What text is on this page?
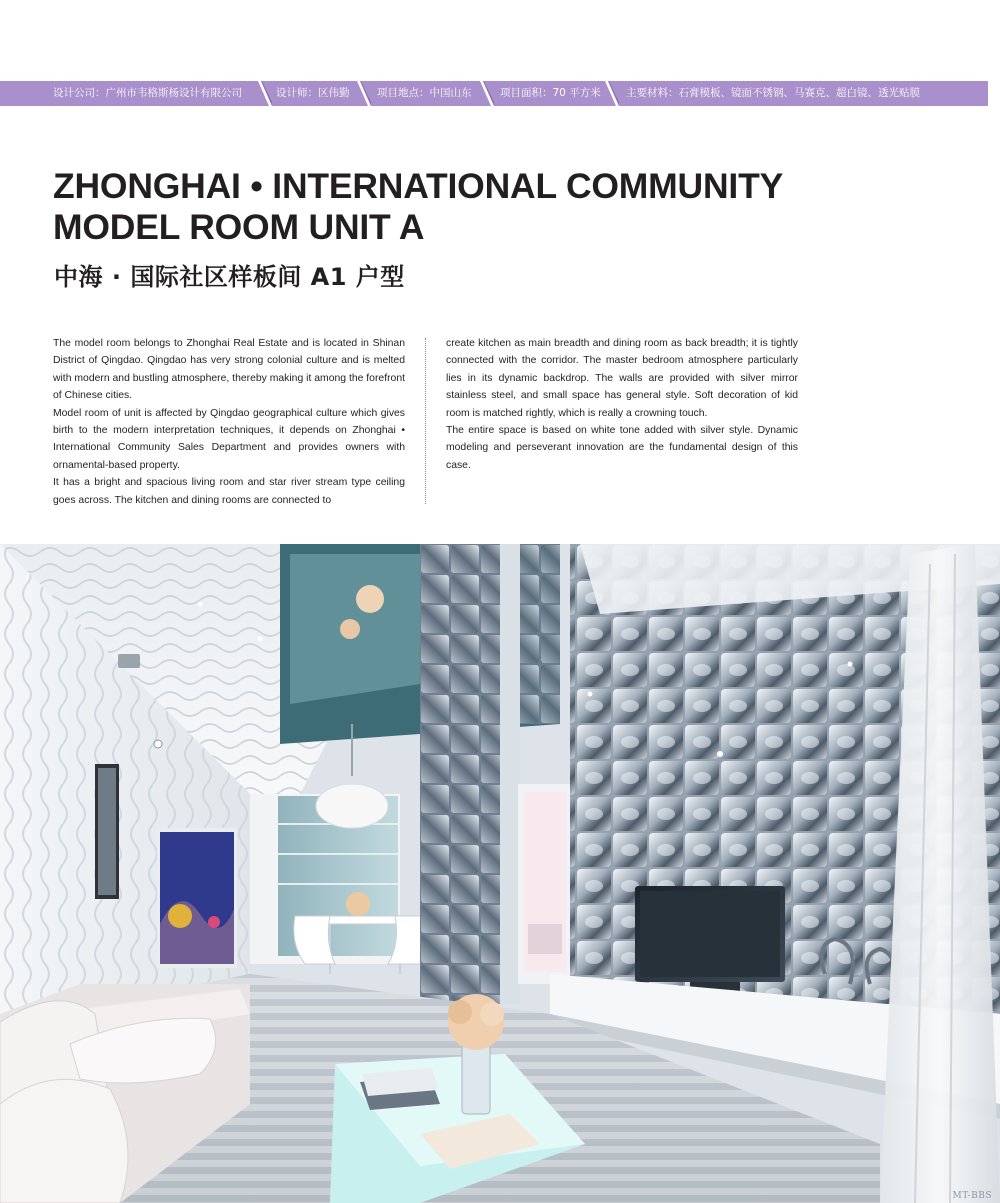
设计公司：广州市韦格斯杨设计有限公司	设计师：区伟勤	项目地点：中国山东	项目面积：70 平方米 主要材料：石膏模板、镜面不锈钢、马赛克、超白镜、透光贴膜
ZHONGHAI • INTERNATIONAL COMMUNITY
MODEL ROOM UNIT A
中海 · 国际社区样板间 A1 户型

The model room belongs to Zhonghai Real Estate and is located in Shinan District of Qingdao. Qingdao has very strong colonial culture and is melted with modern and bustling atmosphere, thereby making it among the forefront of Chinese cities.

Model room of unit is affected by Qingdao geographical culture which gives birth to the modern interpretation techniques, it depends on Zhonghai • International Community Sales Department and provides owners with ornamental-based property.

It has a bright and spacious living room and star river stream type ceiling goes across. The kitchen and dining rooms are connected to

create kitchen as main breadth and dining room as back breadth; it is tightly connected with the corridor. The master bedroom atmosphere particularly lies in its dynamic backdrop. The walls are provided with silver mirror stainless steel, and small space has general style. Soft decoration of kid room is matched rightly, which is really a crowning touch.

The entire space is based on white tone added with silver style. Dynamic modeling and perseverant innovation are the fundamental design of this case.

MT-BBS
